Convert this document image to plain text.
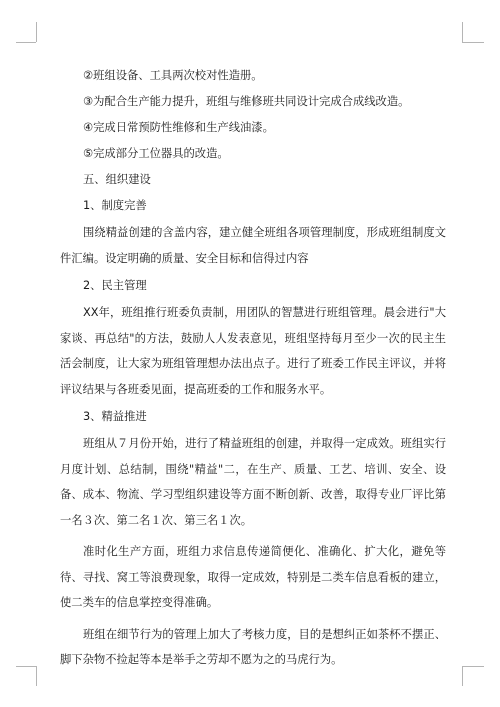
②班组设备、工具两次校对性造册。

③为配合生产能力提升，班组与维修班共同设计完成合成线改造。

④完成日常预防性维修和生产线油漆。

⑤完成部分工位器具的改造。

五、组织建设

1、制度完善

围绕精益创建的含盖内容，建立健全班组各项管理制度，形成班组制度文件汇编。设定明确的质量、安全目标和信得过内容

2、民主管理

XX年，班组推行班委负责制，用团队的智慧进行班组管理。晨会进行"大家谈、再总结"的方法，鼓励人人发表意见，班组坚持每月至少一次的民主生活会制度，让大家为班组管理想办法出点子。进行了班委工作民主评议，并将评议结果与各班委见面，提高班委的工作和服务水平。

3、精益推进

班组从７月份开始，进行了精益班组的创建，并取得一定成效。班组实行月度计划、总结制，围绕"精益"二，在生产、质量、工艺、培训、安全、设备、成本、物流、学习型组织建设等方面不断创新、改善，取得专业厂评比第一名３次、第二名１次、第三名１次。

准时化生产方面，班组力求信息传递简便化、准确化、扩大化，避免等待、寻找、窝工等浪费现象，取得一定成效，特别是二类车信息看板的建立，使二类车的信息掌控变得准确。

班组在细节行为的管理上加大了考核力度，目的是想纠正如茶杯不摆正、脚下杂物不捡起等本是举手之劳却不愿为之的马虎行为。
